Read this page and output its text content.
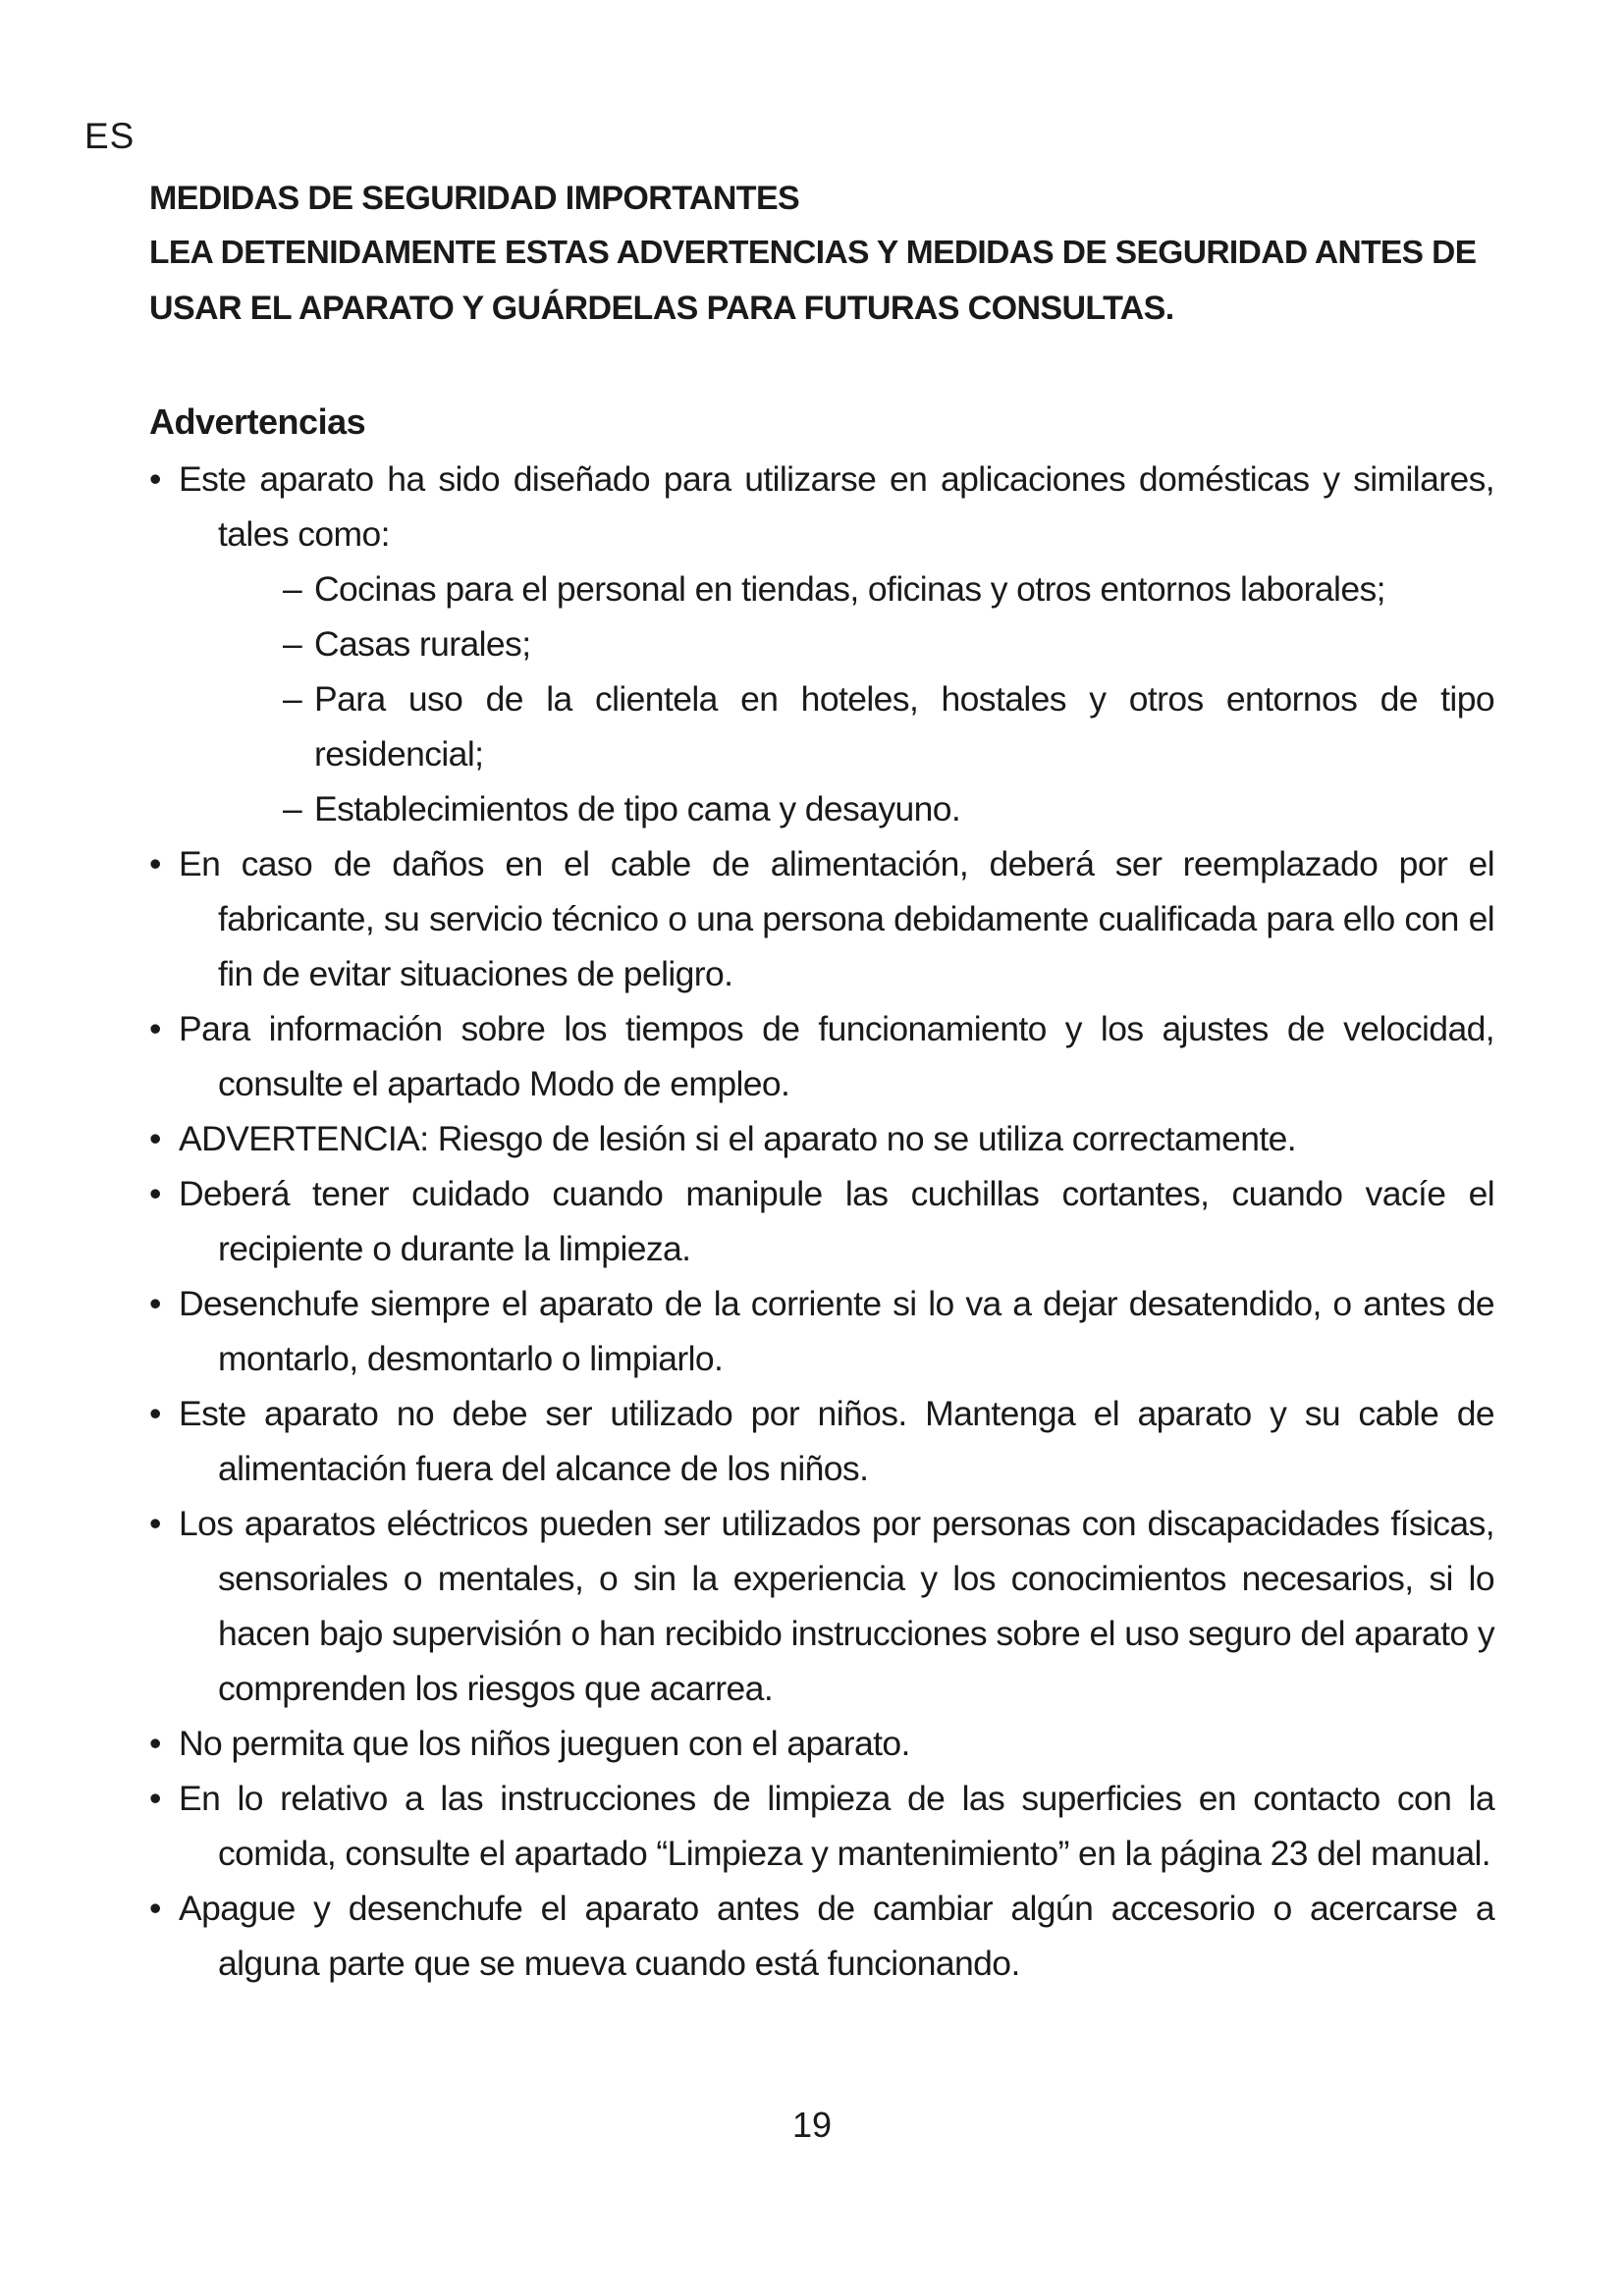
ES
MEDIDAS DE SEGURIDAD IMPORTANTES
LEA DETENIDAMENTE ESTAS ADVERTENCIAS Y MEDIDAS DE SEGURIDAD ANTES DE
USAR EL APARATO Y GUÁRDELAS PARA FUTURAS CONSULTAS.
Advertencias
• Este aparato ha sido diseñado para utilizarse en aplicaciones domésticas y similares, tales como:
– Cocinas para el personal en tiendas, oficinas y otros entornos laborales;
– Casas rurales;
– Para uso de la clientela en hoteles, hostales y otros entornos de tipo residencial;
– Establecimientos de tipo cama y desayuno.
• En caso de daños en el cable de alimentación, deberá ser reemplazado por el fabricante, su servicio técnico o una persona debidamente cualificada para ello con el fin de evitar situaciones de peligro.
• Para información sobre los tiempos de funcionamiento y los ajustes de velocidad, consulte el apartado Modo de empleo.
• ADVERTENCIA: Riesgo de lesión si el aparato no se utiliza correctamente.
• Deberá tener cuidado cuando manipule las cuchillas cortantes, cuando vacíe el recipiente o durante la limpieza.
• Desenchufe siempre el aparato de la corriente si lo va a dejar desatendido, o antes de montarlo, desmontarlo o limpiarlo.
• Este aparato no debe ser utilizado por niños. Mantenga el aparato y su cable de alimentación fuera del alcance de los niños.
• Los aparatos eléctricos pueden ser utilizados por personas con discapacidades físicas, sensoriales o mentales, o sin la experiencia y los conocimientos necesarios, si lo hacen bajo supervisión o han recibido instrucciones sobre el uso seguro del aparato y comprenden los riesgos que acarrea.
• No permita que los niños jueguen con el aparato.
• En lo relativo a las instrucciones de limpieza de las superficies en contacto con la comida, consulte el apartado “Limpieza y mantenimiento” en la página 23 del manual.
• Apague y desenchufe el aparato antes de cambiar algún accesorio o acercarse a alguna parte que se mueva cuando está funcionando.
19
